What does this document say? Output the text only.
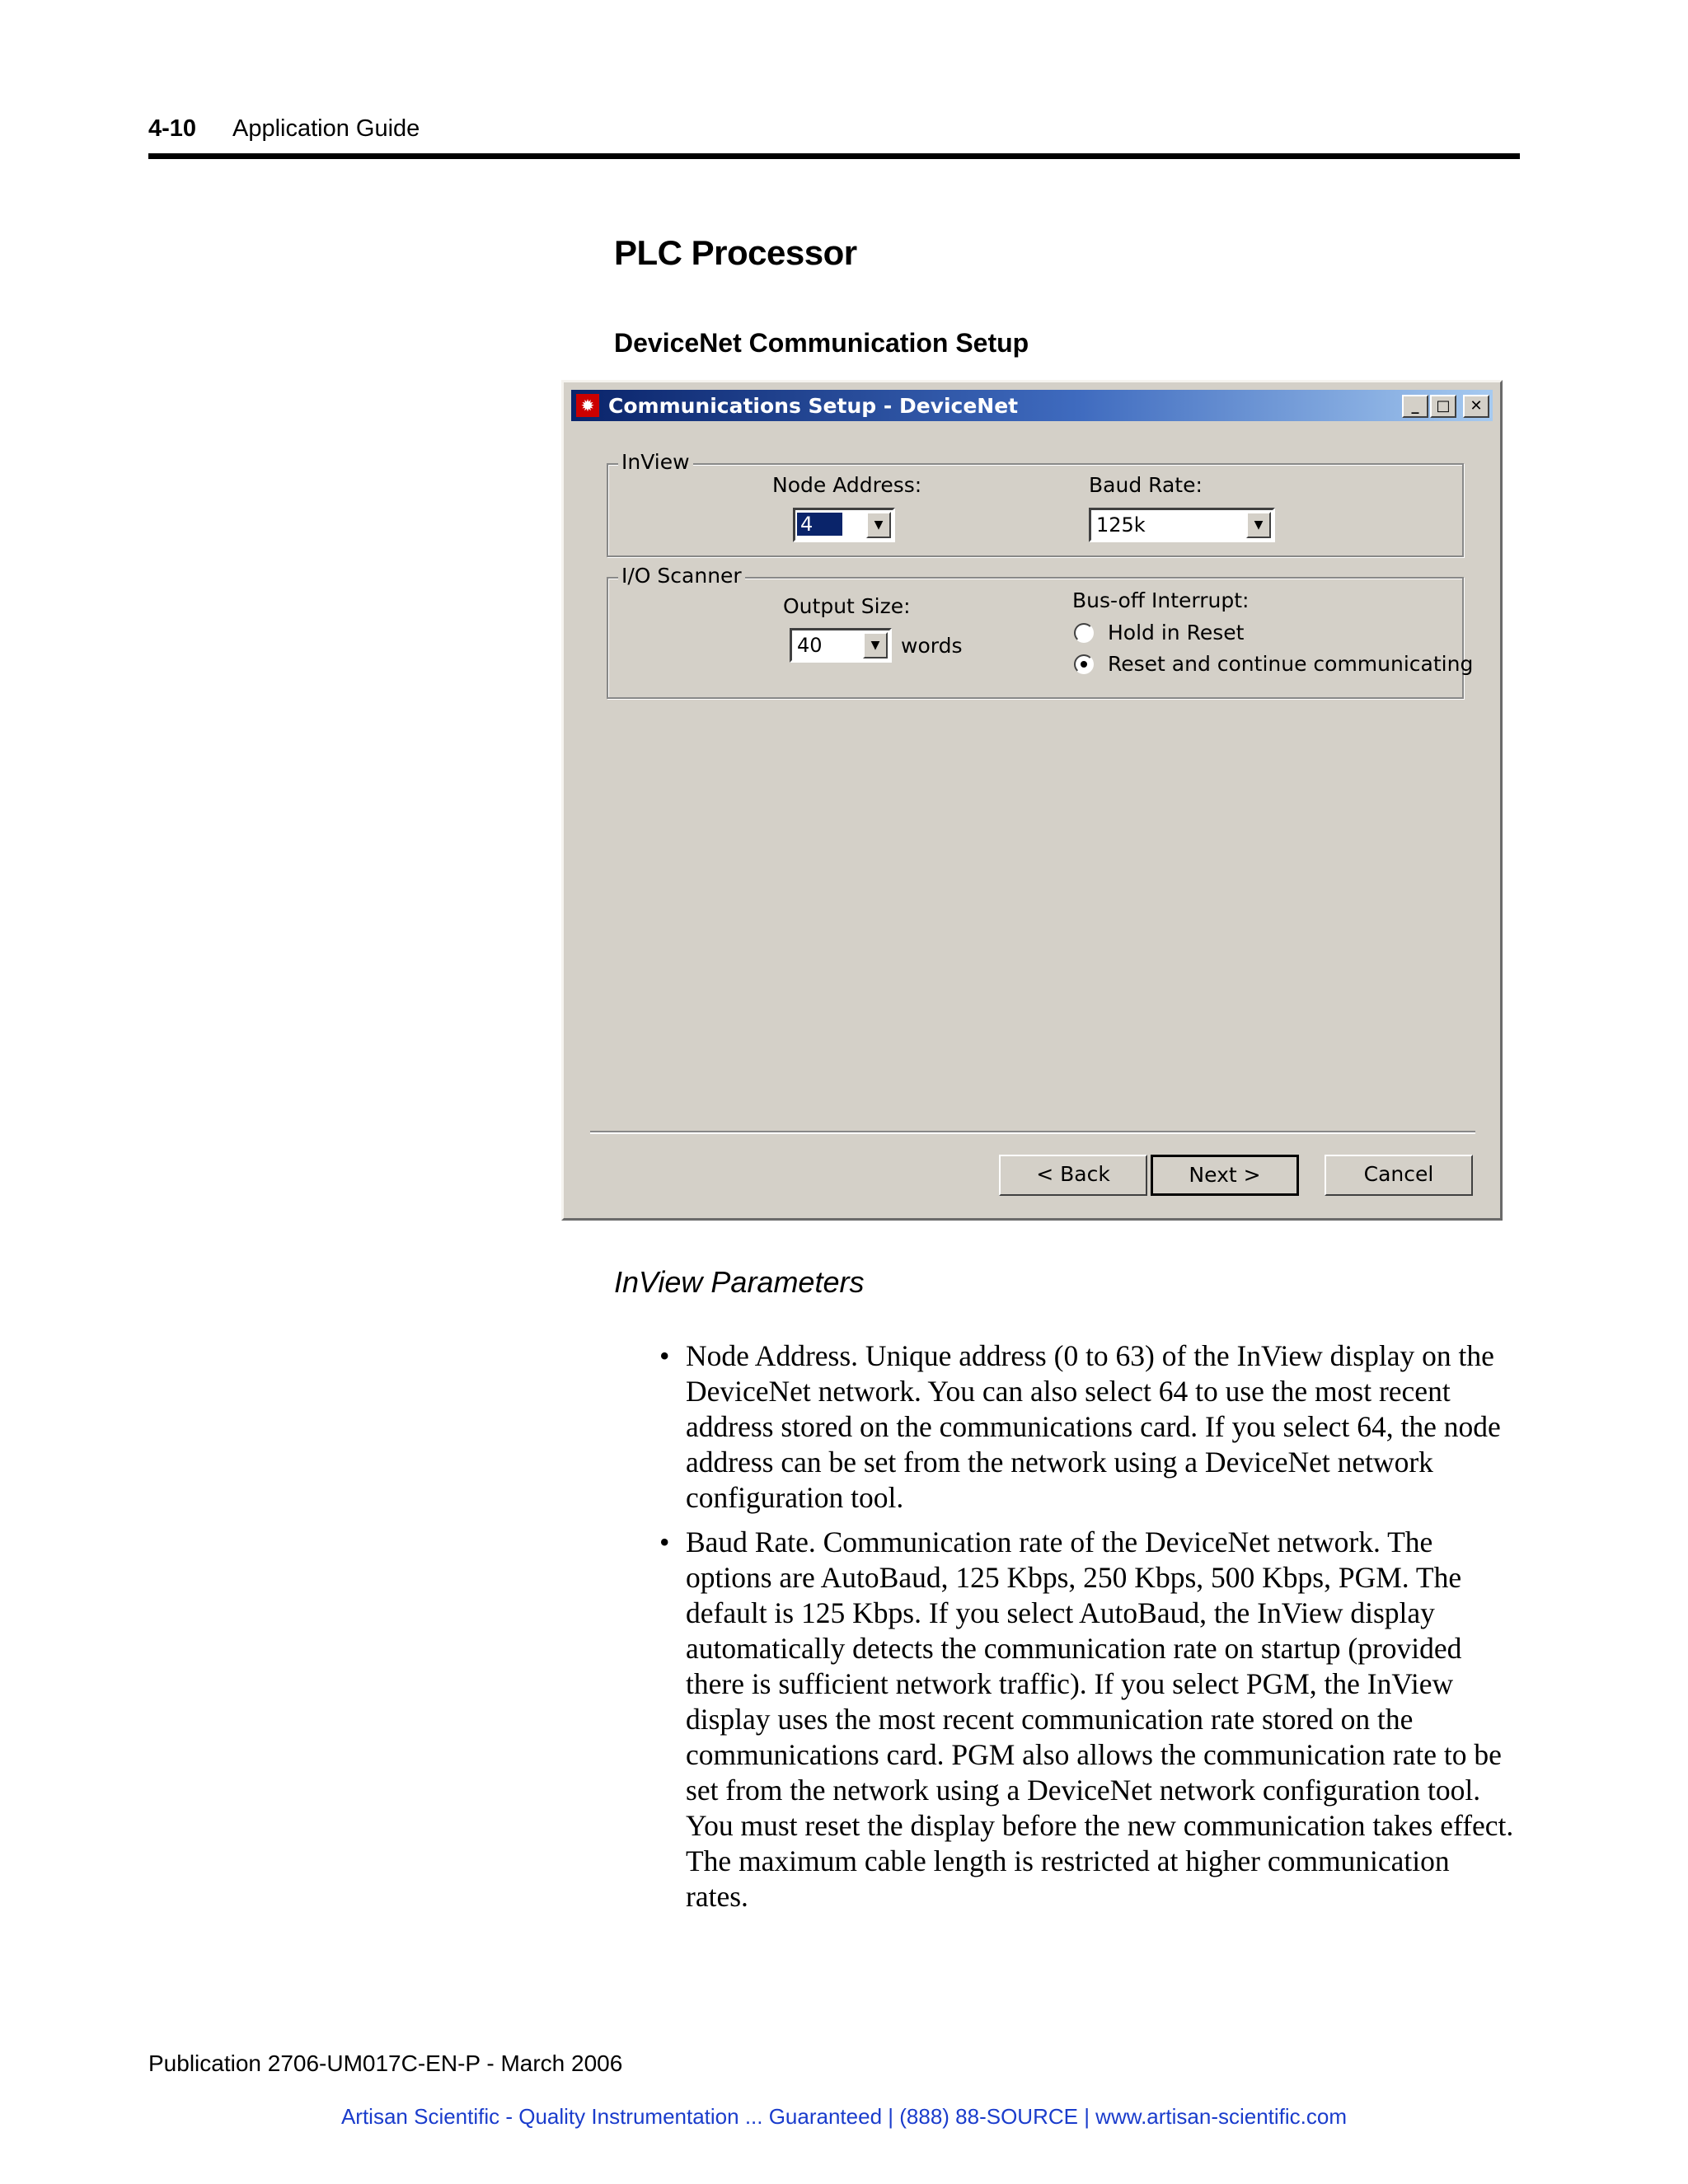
4-10 Application Guide
PLC Processor
DeviceNet Communication Setup
✹ Communications Setup - DeviceNet	_	□	✕
InView
Node Address:
4	▼
Baud Rate:
125k	▼
I/O Scanner
Output Size:
40	▼	words
Bus-off Interrupt:
Hold in Reset
Reset and continue communicating
< Back	Next >	Cancel
InView Parameters
• Node Address. Unique address (0 to 63) of the InView display on the DeviceNet network. You can also select 64 to use the most recent address stored on the communications card. If you select 64, the node address can be set from the network using a DeviceNet network configuration tool.
• Baud Rate. Communication rate of the DeviceNet network. The options are AutoBaud, 125 Kbps, 250 Kbps, 500 Kbps, PGM. The default is 125 Kbps. If you select AutoBaud, the InView display automatically detects the communication rate on startup (provided there is sufficient network traffic). If you select PGM, the InView display uses the most recent communication rate stored on the communications card. PGM also allows the communication rate to be set from the network using a DeviceNet network configuration tool. You must reset the display before the new communication takes effect. The maximum cable length is restricted at higher communication rates.
Publication 2706-UM017C-EN-P - March 2006
Artisan Scientific - Quality Instrumentation ... Guaranteed | (888) 88-SOURCE | www.artisan-scientific.com
